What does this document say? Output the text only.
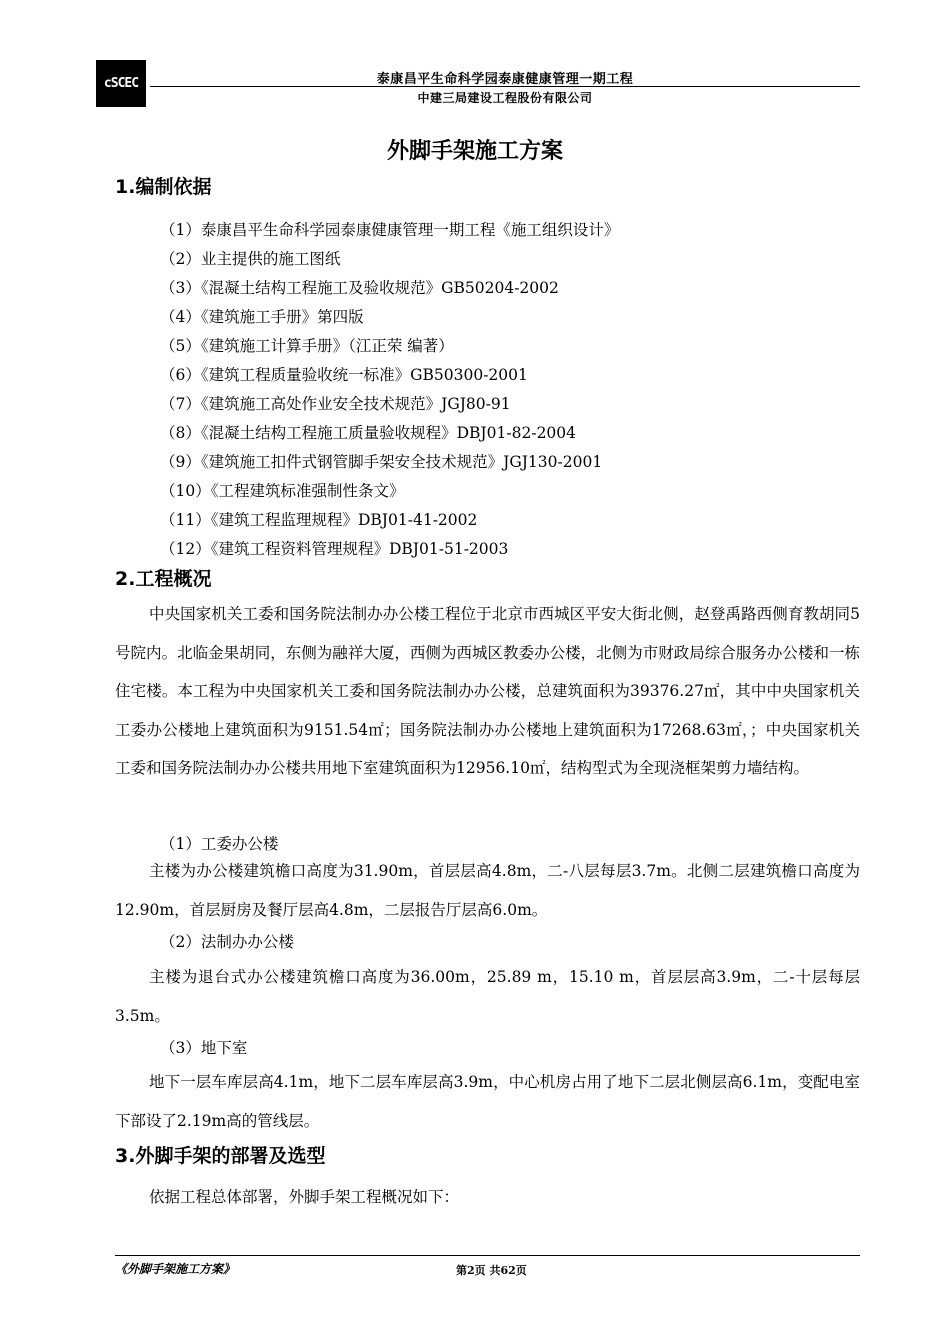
cSCEC	泰康昌平生命科学园泰康健康管理一期工程
中建三局建设工程股份有限公司
外脚手架施工方案
1.编制依据
（1）泰康昌平生命科学园泰康健康管理一期工程《施工组织设计》
（2）业主提供的施工图纸
（3）《混凝土结构工程施工及验收规范》GB50204-2002
（4）《建筑施工手册》第四版
（5）《建筑施工计算手册》（江正荣 编著）
（6）《建筑工程质量验收统一标准》GB50300-2001
（7）《建筑施工高处作业安全技术规范》JGJ80-91
（8）《混凝土结构工程施工质量验收规程》DBJ01-82-2004
（9）《建筑施工扣件式钢管脚手架安全技术规范》JGJ130-2001
（10）《工程建筑标准强制性条文》
（11）《建筑工程监理规程》DBJ01-41-2002
（12）《建筑工程资料管理规程》DBJ01-51-2003
2.工程概况

中央国家机关工委和国务院法制办办公楼工程位于北京市西城区平安大街北侧，赵登禹路西侧育教胡同5号院内。北临金果胡同，东侧为融祥大厦，西侧为西城区教委办公楼，北侧为市财政局综合服务办公楼和一栋住宅楼。本工程为中央国家机关工委和国务院法制办办公楼，总建筑面积为39376.27㎡，其中中央国家机关工委办公楼地上建筑面积为9151.54㎡；国务院法制办办公楼地上建筑面积为17268.63㎡，；中央国家机关工委和国务院法制办办公楼共用地下室建筑面积为12956.10㎡，结构型式为全现浇框架剪力墙结构。

（1）工委办公楼

主楼为办公楼建筑檐口高度为31.90m，首层层高4.8m，二-八层每层3.7m。北侧二层建筑檐口高度为12.90m，首层厨房及餐厅层高4.8m，二层报告厅层高6.0m。

（2）法制办办公楼

主楼为退台式办公楼建筑檐口高度为36.00m，25.89 m，15.10 m，首层层高3.9m，二-十层每层3.5m。

（3）地下室

地下一层车库层高4.1m，地下二层车库层高3.9m，中心机房占用了地下二层北侧层高6.1m，变配电室下部设了2.19m高的管线层。

3.外脚手架的部署及选型

依据工程总体部署，外脚手架工程概况如下：

《外脚手架施工方案》	第2页 共62页
